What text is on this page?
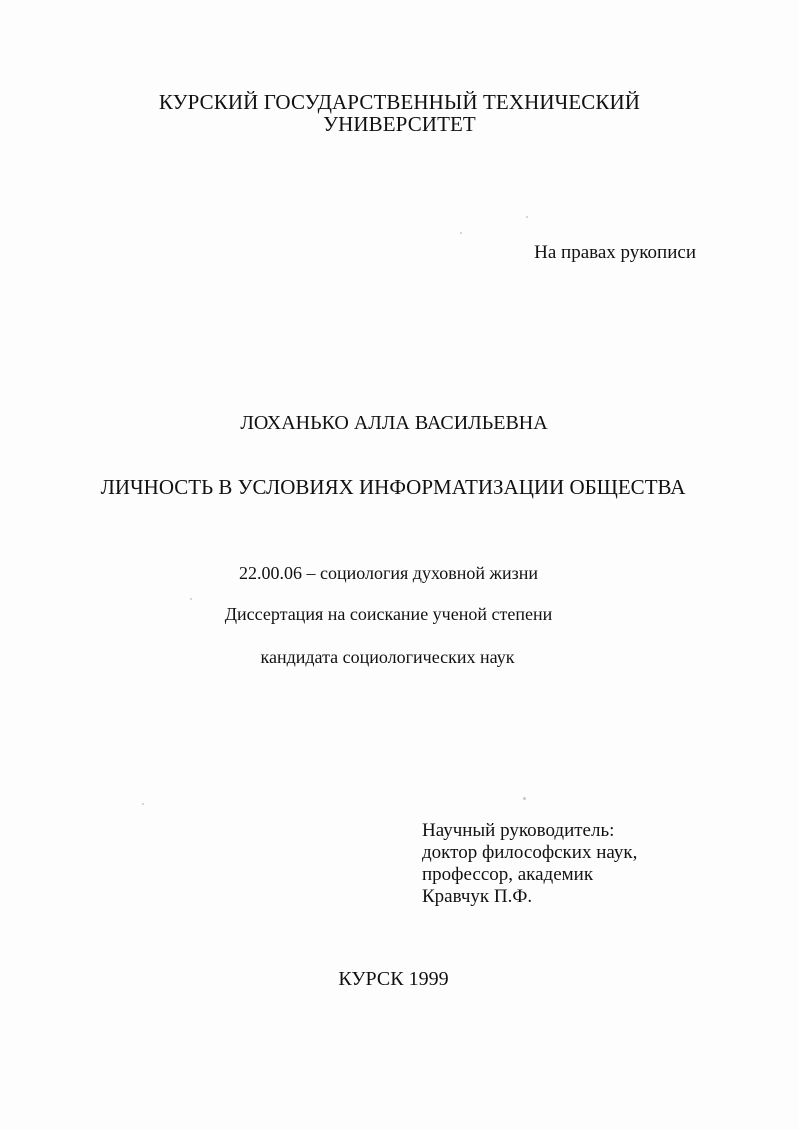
КУРСКИЙ ГОСУДАРСТВЕННЫЙ ТЕХНИЧЕСКИЙ
УНИВЕРСИТЕТ
На правах рукописи
ЛОХАНЬКО АЛЛА ВАСИЛЬЕВНА
ЛИЧНОСТЬ В УСЛОВИЯХ ИНФОРМАТИЗАЦИИ ОБЩЕСТВА
22.00.06 – социология духовной жизни
Диссертация на соискание ученой степени
кандидата социологических наук
Научный руководитель:
доктор философских наук,
профессор, академик
Кравчук П.Ф.
КУРСК 1999
